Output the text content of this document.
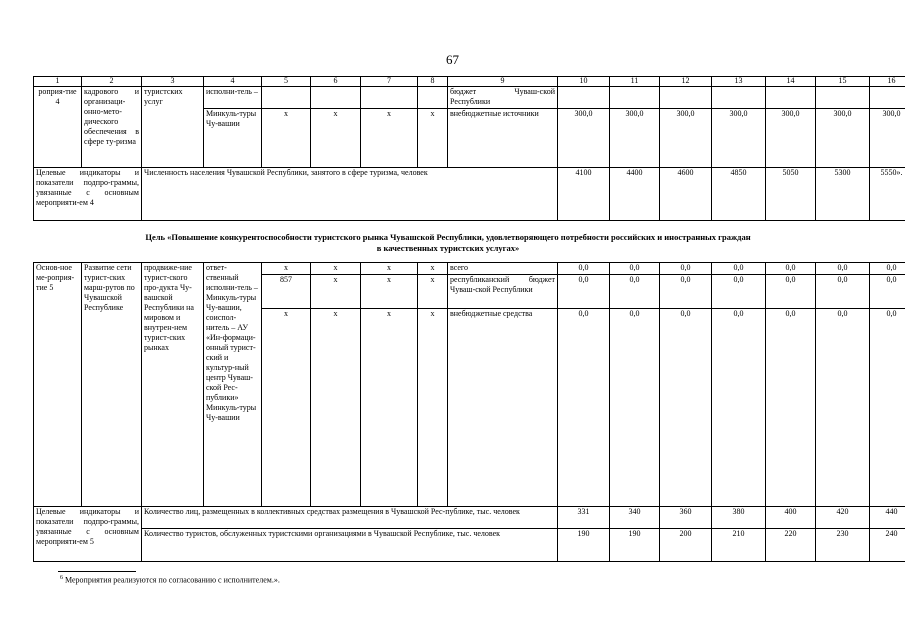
67
1	2	3	4	5	6	7	8	9	10	11	12	13	14	15	16
роприя-тие 4	кадрового и организаци-онно-мето-дического обеспечения в сфере ту-ризма	туристских услуг	исполни-тель –					бюджет Чуваш-ской Республики							
			Минкуль-туры Чу-вашии	x	x	x	x	внебюджетные источники	300,0	300,0	300,0	300,0	300,0	300,0	300,0
Целевые индикаторы и показатели подпро-граммы, увязанные с основным мероприяти-ем 4		Численность населения Чувашской Республики, занятого в сфере туризма, человек							4100	4400	4600	4850	5050	5300	5550».
Цель «Повышение конкурентоспособности туристского рынка Чувашской Республики, удовлетворяющего потребности российских и иностранных граждан
в качественных туристских услугах»
Основ-ное ме-роприя-тие 5	Развитие сети турист-ских марш-рутов по Чувашской Республике	продвиже-ние турист-ского про-дукта Чу-вашской Республики на мировом и внутрен-нем турист-ских рынках	ответ-ственный исполни-тель – Минкуль-туры Чу-вашии, соиспол-нитель – АУ «Ин-формаци-онный турист-ский и культур-ный центр Чуваш-ской Рес-публики» Минкуль-туры Чу-вашии	x	x	x	x	всего	0,0	0,0	0,0	0,0	0,0	0,0	0,0
				857	x	x	x	республиканский бюджет Чуваш-ской Республики	0,0	0,0	0,0	0,0	0,0	0,0	0,0
				x	x	x	x	внебюджетные средства	0,0	0,0	0,0	0,0	0,0	0,0	0,0
Целевые индикаторы и показатели подпро-граммы, увязанные с основным мероприяти-ем 5		Количество лиц, размещенных в коллективных средствах размещения в Чувашской Рес-публике, тыс. человек							331	340	360	380	400	420	440
		Количество туристов, обслуженных туристскими организациями в Чувашской Республике, тыс. человек							190	190	200	210	220	230	240
$^6$ Мероприятия реализуются по согласованию с исполнителем.».
